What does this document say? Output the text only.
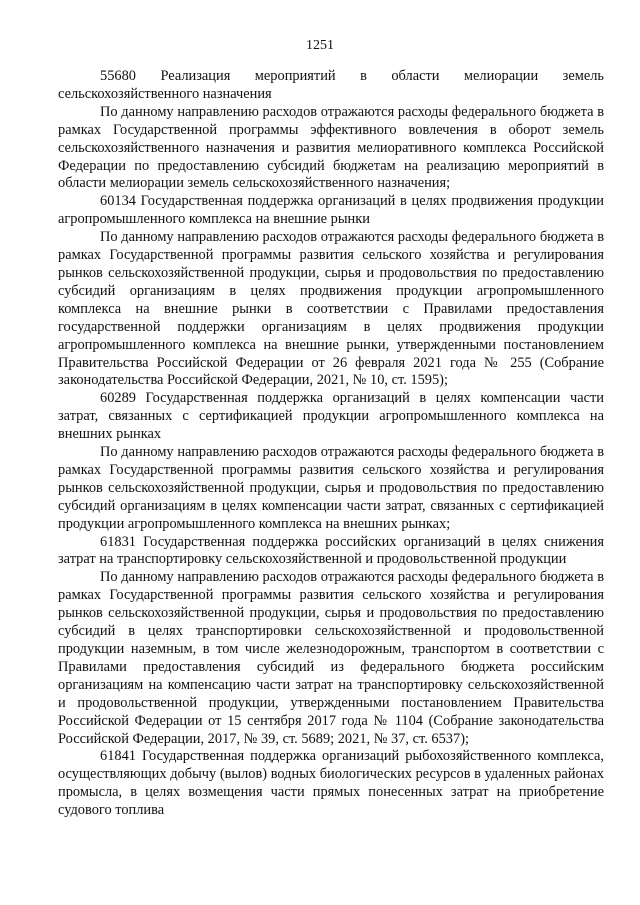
1251

55680 Реализация мероприятий в области мелиорации земель сельскохозяйственного назначения

По данному направлению расходов отражаются расходы федерального бюджета в рамках Государственной программы эффективного вовлечения в оборот земель сельскохозяйственного назначения и развития мелиоративного комплекса Российской Федерации по предоставлению субсидий бюджетам на реализацию мероприятий в области мелиорации земель сельскохозяйственного назначения;

60134 Государственная поддержка организаций в целях продвижения продукции агропромышленного комплекса на внешние рынки

По данному направлению расходов отражаются расходы федерального бюджета в рамках Государственной программы развития сельского хозяйства и регулирования рынков сельскохозяйственной продукции, сырья и продовольствия по предоставлению субсидий организациям в целях продвижения продукции агропромышленного комплекса на внешние рынки в соответствии с Правилами предоставления государственной поддержки организациям в целях продвижения продукции агропромышленного комплекса на внешние рынки, утвержденными постановлением Правительства Российской Федерации от 26 февраля 2021 года № 255 (Собрание законодательства Российской Федерации, 2021, № 10, ст. 1595);

60289 Государственная поддержка организаций в целях компенсации части затрат, связанных с сертификацией продукции агропромышленного комплекса на внешних рынках

По данному направлению расходов отражаются расходы федерального бюджета в рамках Государственной программы развития сельского хозяйства и регулирования рынков сельскохозяйственной продукции, сырья и продовольствия по предоставлению субсидий организациям в целях компенсации части затрат, связанных с сертификацией продукции агропромышленного комплекса на внешних рынках;

61831 Государственная поддержка российских организаций в целях снижения затрат на транспортировку сельскохозяйственной и продовольственной продукции

По данному направлению расходов отражаются расходы федерального бюджета в рамках Государственной программы развития сельского хозяйства и регулирования рынков сельскохозяйственной продукции, сырья и продовольствия по предоставлению субсидий в целях транспортировки сельскохозяйственной и продовольственной продукции наземным, в том числе железнодорожным, транспортом в соответствии с Правилами предоставления субсидий из федерального бюджета российским организациям на компенсацию части затрат на транспортировку сельскохозяйственной и продовольственной продукции, утвержденными постановлением Правительства Российской Федерации от 15 сентября 2017 года № 1104 (Собрание законодательства Российской Федерации, 2017, № 39, ст. 5689; 2021, № 37, ст. 6537);

61841 Государственная поддержка организаций рыбохозяйственного комплекса, осуществляющих добычу (вылов) водных биологических ресурсов в удаленных районах промысла, в целях возмещения части прямых понесенных затрат на приобретение судового топлива
